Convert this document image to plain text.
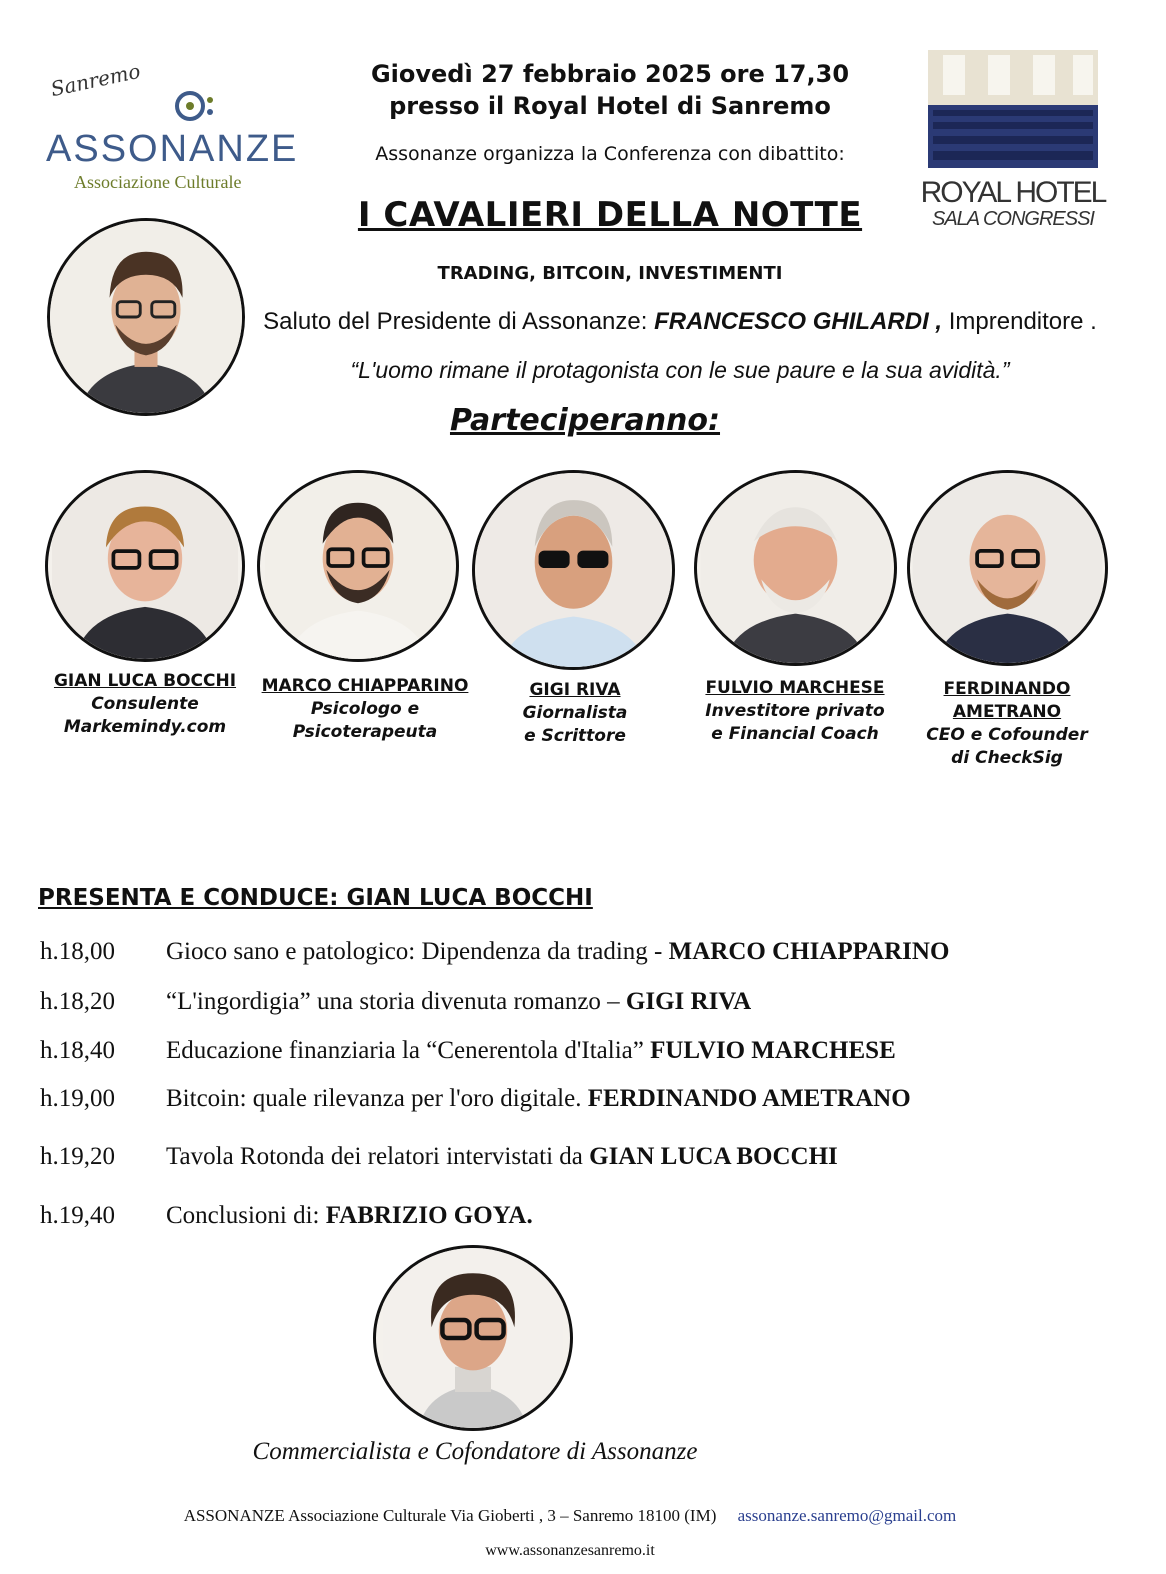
Sanremo
ASSONANZE
Associazione Culturale
Giovedì 27 febbraio 2025 ore 17,30
presso il Royal Hotel di Sanremo
Assonanze organizza la Conferenza con dibattito:
I CAVALIERI DELLA NOTTE
TRADING, BITCOIN, INVESTIMENTI
ROYAL HOTEL
SALA CONGRESSI
Saluto del Presidente di Assonanze: FRANCESCO GHILARDI , Imprenditore .
“L'uomo rimane il protagonista con le sue paure e la sua avidità.”
Parteciperanno:
GIAN LUCA BOCCHI
Consulente
Markemindy.com
MARCO CHIAPPARINO
Psicologo e
Psicoterapeuta
GIGI RIVA
Giornalista
e Scrittore
FULVIO MARCHESE
Investitore privato
e Financial Coach
FERDINANDO
AMETRANO
CEO e Cofounder
di CheckSig
PRESENTA E CONDUCE: GIAN LUCA BOCCHI
h.18,00 Gioco sano e patologico: Dipendenza da trading - MARCO CHIAPPARINO
h.18,20 “L'ingordigia” una storia divenuta romanzo – GIGI RIVA
h.18,40 Educazione finanziaria la “Cenerentola d'Italia” FULVIO MARCHESE
h.19,00 Bitcoin: quale rilevanza per l'oro digitale. FERDINANDO AMETRANO
h.19,20 Tavola Rotonda dei relatori intervistati da GIAN LUCA BOCCHI
h.19,40 Conclusioni di: FABRIZIO GOYA.
Commercialista e Cofondatore di Assonanze
ASSONANZE Associazione Culturale Via Gioberti , 3 – Sanremo 18100 (IM) assonanze.sanremo@gmail.com
www.assonanzesanremo.it
